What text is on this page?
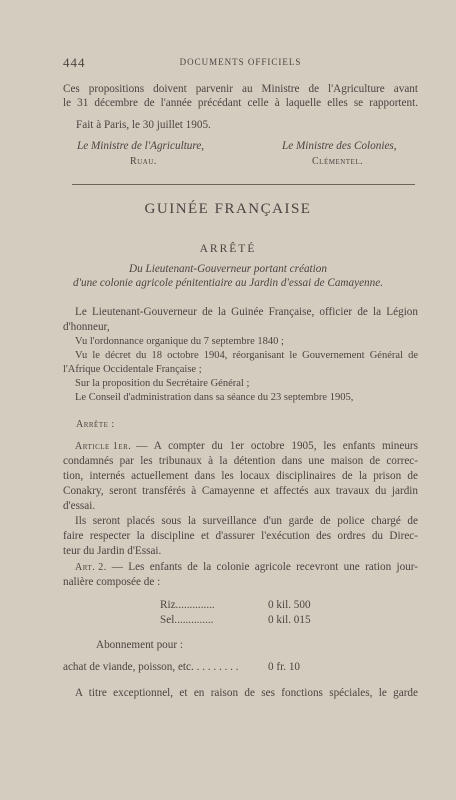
444	DOCUMENTS OFFICIELS
Ces propositions doivent parvenir au Ministre de l'Agriculture avant
le 31 décembre de l'année précédant celle à laquelle elles se rapportent.
Fait à Paris, le 30 juillet 1905.
Le Ministre de l'Agriculture,
Ruau.
Le Ministre des Colonies,
Clémentel.
GUINÉE FRANÇAISE
ARRÊTÉ
Du Lieutenant-Gouverneur portant création
d'une colonie agricole pénitentiaire au Jardin d'essai de Camayenne.
Le Lieutenant-Gouverneur de la Guinée Française, officier de la Légion
d'honneur,
Vu l'ordonnance organique du 7 septembre 1840 ;
Vu le décret du 18 octobre 1904, réorganisant le Gouvernement Général de
l'Afrique Occidentale Française ;
Sur la proposition du Secrétaire Général ;
Le Conseil d'administration dans sa séance du 23 septembre 1905,
Arrête :
Article 1er. — A compter du 1er octobre 1905, les enfants mineurs
condamnés par les tribunaux à la détention dans une maison de correc-
tion, internés actuellement dans les locaux disciplinaires de la prison de
Conakry, seront transférés à Camayenne et affectés aux travaux du jardin
d'essai.
Ils seront placés sous la surveillance d'un garde de police chargé de
faire respecter la discipline et d'assurer l'exécution des ordres du Direc-
teur du Jardin d'Essai.
Art. 2. — Les enfants de la colonie agricole recevront une ration jour-
nalière composée de :
Riz..............	0 kil. 500
Sel..............	0 kil. 015
Abonnement pour :
achat de viande, poisson, etc. . . . . . . . .	0 fr. 10
A titre exceptionnel, et en raison de ses fonctions spéciales, le garde
